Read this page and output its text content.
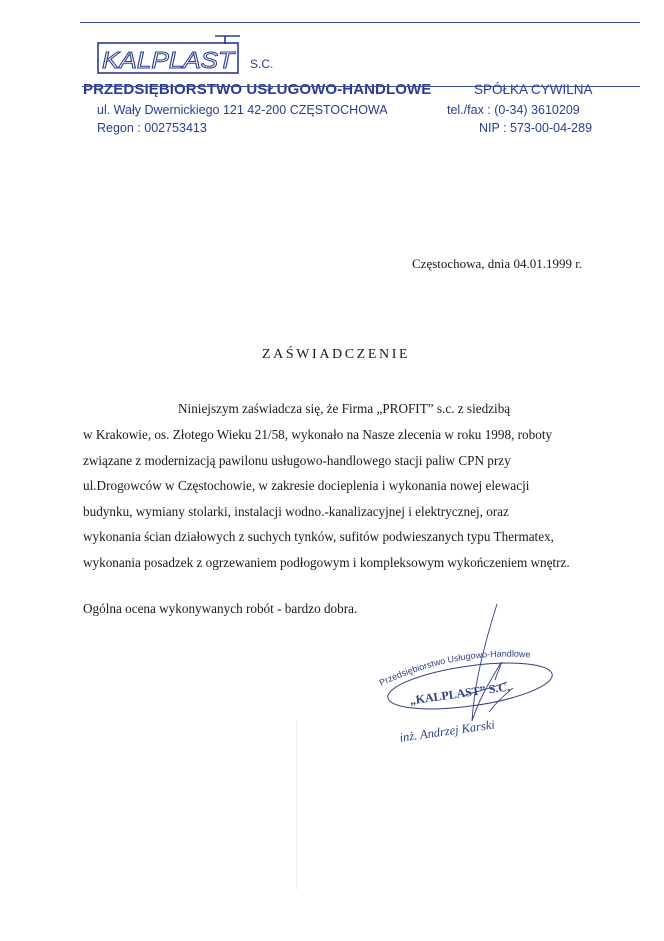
KALPLAST S.C.
PRZEDSIĘBIORSTWO USŁUGOWO-HANDLOWE	SPÓŁKA CYWILNA
ul. Wały Dwernickiego 121 42-200 CZĘSTOCHOWA	tel./fax : (0-34) 3610209
Regon : 002753413	NIP : 573-00-04-289
Częstochowa, dnia 04.01.1999 r.
ZAŚWIADCZENIE
Niniejszym zaświadcza się, że Firma „PROFIT” s.c. z siedzibą
w Krakowie, os. Złotego Wieku 21/58, wykonało na Nasze zlecenia w roku 1998, roboty
związane z modernizacją pawilonu usługowo-handlowego stacji paliw CPN przy
ul.Drogowców w Częstochowie, w zakresie docieplenia i wykonania nowej elewacji
budynku, wymiany stolarki, instalacji wodno.-kanalizacyjnej i elektrycznej, oraz
wykonania ścian działowych z suchych tynków, sufitów podwieszanych typu Thermatex,
wykonania posadzek z ogrzewaniem podłogowym i kompleksowym wykończeniem wnętrz.
Ogólna ocena wykonywanych robót - bardzo dobra.
Przedsiębiorstwo Usługowo-Handlowe
„KALPLAST” S.C.
inż. Andrzej Karski
